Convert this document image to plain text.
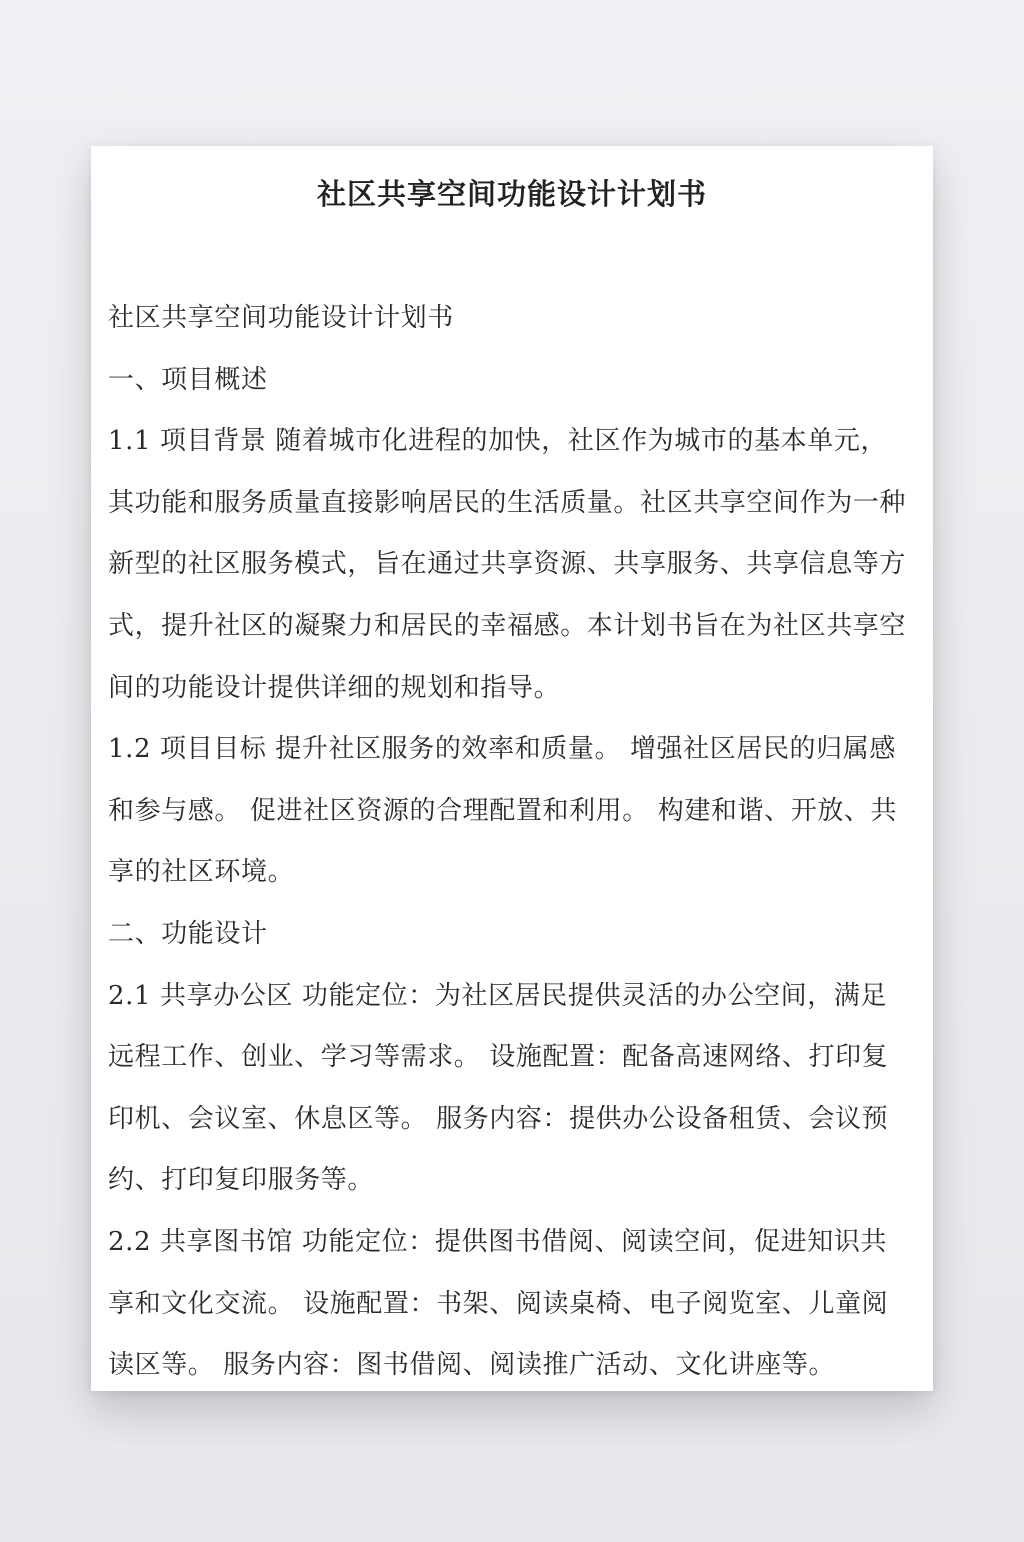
社区共享空间功能设计计划书
社区共享空间功能设计计划书
一、项目概述
1.1 项目背景 随着城市化进程的加快，社区作为城市的基本单元，
其功能和服务质量直接影响居民的生活质量。社区共享空间作为一种
新型的社区服务模式，旨在通过共享资源、共享服务、共享信息等方
式，提升社区的凝聚力和居民的幸福感。本计划书旨在为社区共享空
间的功能设计提供详细的规划和指导。
1.2 项目目标 提升社区服务的效率和质量。 增强社区居民的归属感
和参与感。 促进社区资源的合理配置和利用。 构建和谐、开放、共
享的社区环境。
二、功能设计
2.1 共享办公区 功能定位：为社区居民提供灵活的办公空间，满足
远程工作、创业、学习等需求。 设施配置：配备高速网络、打印复
印机、会议室、休息区等。 服务内容：提供办公设备租赁、会议预
约、打印复印服务等。
2.2 共享图书馆 功能定位：提供图书借阅、阅读空间，促进知识共
享和文化交流。 设施配置：书架、阅读桌椅、电子阅览室、儿童阅
读区等。 服务内容：图书借阅、阅读推广活动、文化讲座等。
